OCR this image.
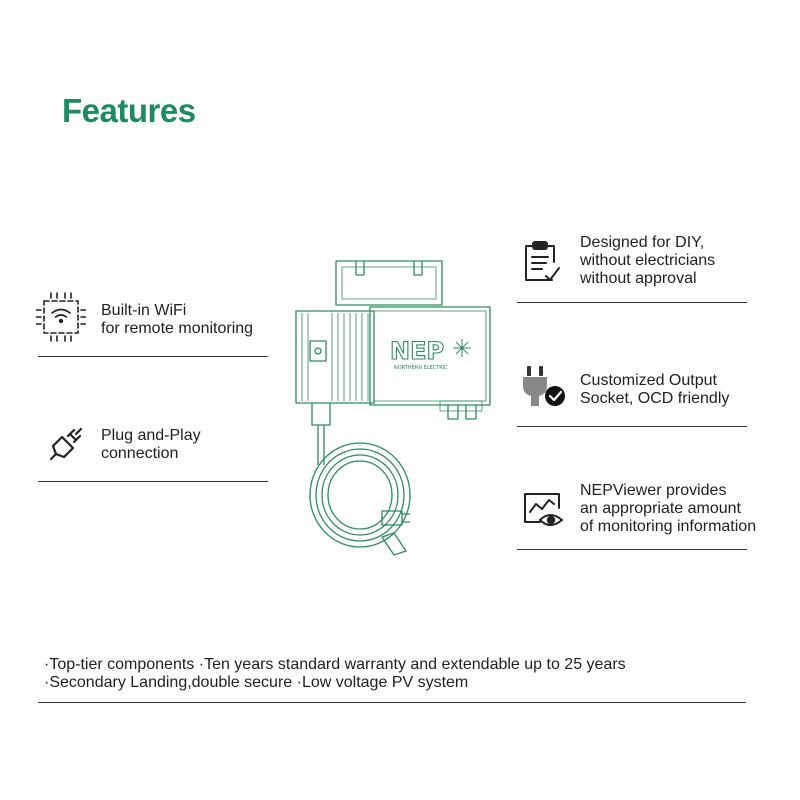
Features
Built-in WiFi
for remote monitoring
Plug and-Play
connection
Designed for DIY,
without electricians
without approval
Customized Output
Socket, OCD friendly
NEPViewer provides
an appropriate amount
of monitoring information
NEP
NORTHERN ELECTRIC
·Top-tier components ·Ten years standard warranty and extendable up to 25 years
·Secondary Landing,double secure ·Low voltage PV system
